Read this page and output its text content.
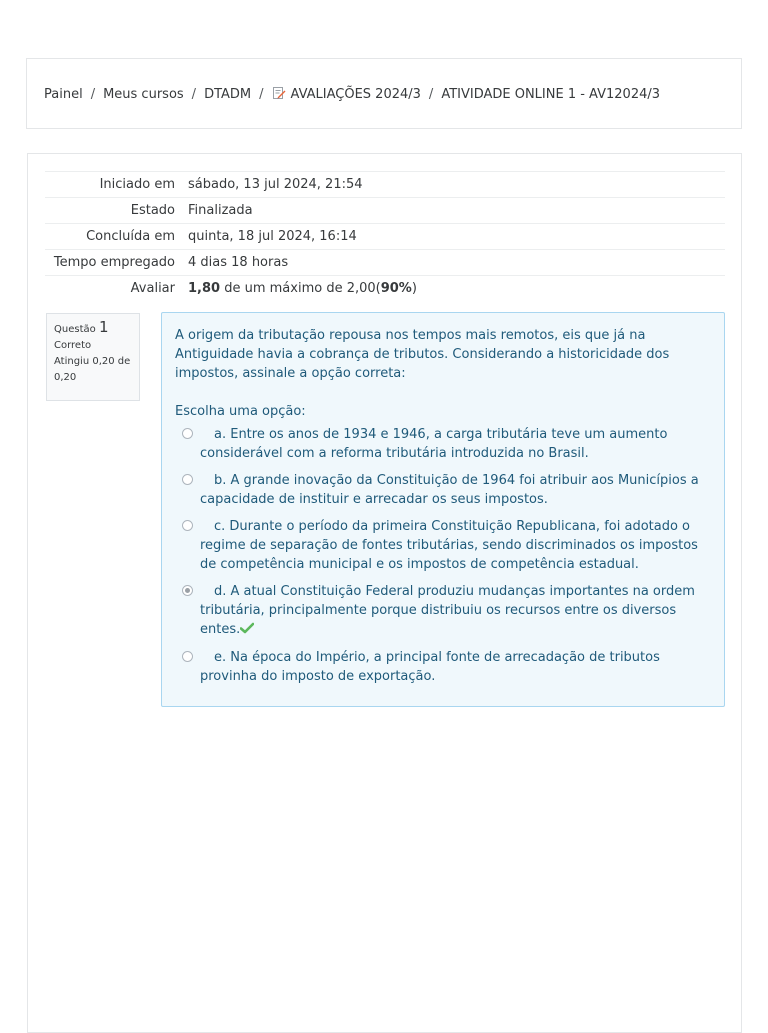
Painel / Meus cursos / DTADM /	AVALIAÇÕES 2024/3 / ATIVIDADE ONLINE 1 - AV12024/3
Iniciado em	sábado, 13 jul 2024, 21:54
Estado	Finalizada
Concluída em	quinta, 18 jul 2024, 16:14
Tempo empregado	4 dias 18 horas
Avaliar	1,80 de um máximo de 2,00(90%)
Questão 1
Correto
Atingiu 0,20 de 0,20
A origem da tributação repousa nos tempos mais remotos, eis que já na Antiguidade havia a cobrança de tributos. Considerando a historicidade dos impostos, assinale a opção correta:
Escolha uma opção:
a. Entre os anos de 1934 e 1946, a carga tributária teve um aumento considerável com a reforma tributária introduzida no Brasil.
b. A grande inovação da Constituição de 1964 foi atribuir aos Municípios a capacidade de instituir e arrecadar os seus impostos.
c. Durante o período da primeira Constituição Republicana, foi adotado o regime de separação de fontes tributárias, sendo discriminados os impostos de competência municipal e os impostos de competência estadual.
d. A atual Constituição Federal produziu mudanças importantes na ordem tributária, principalmente porque distribuiu os recursos entre os diversos entes.
e. Na época do Império, a principal fonte de arrecadação de tributos provinha do imposto de exportação.
